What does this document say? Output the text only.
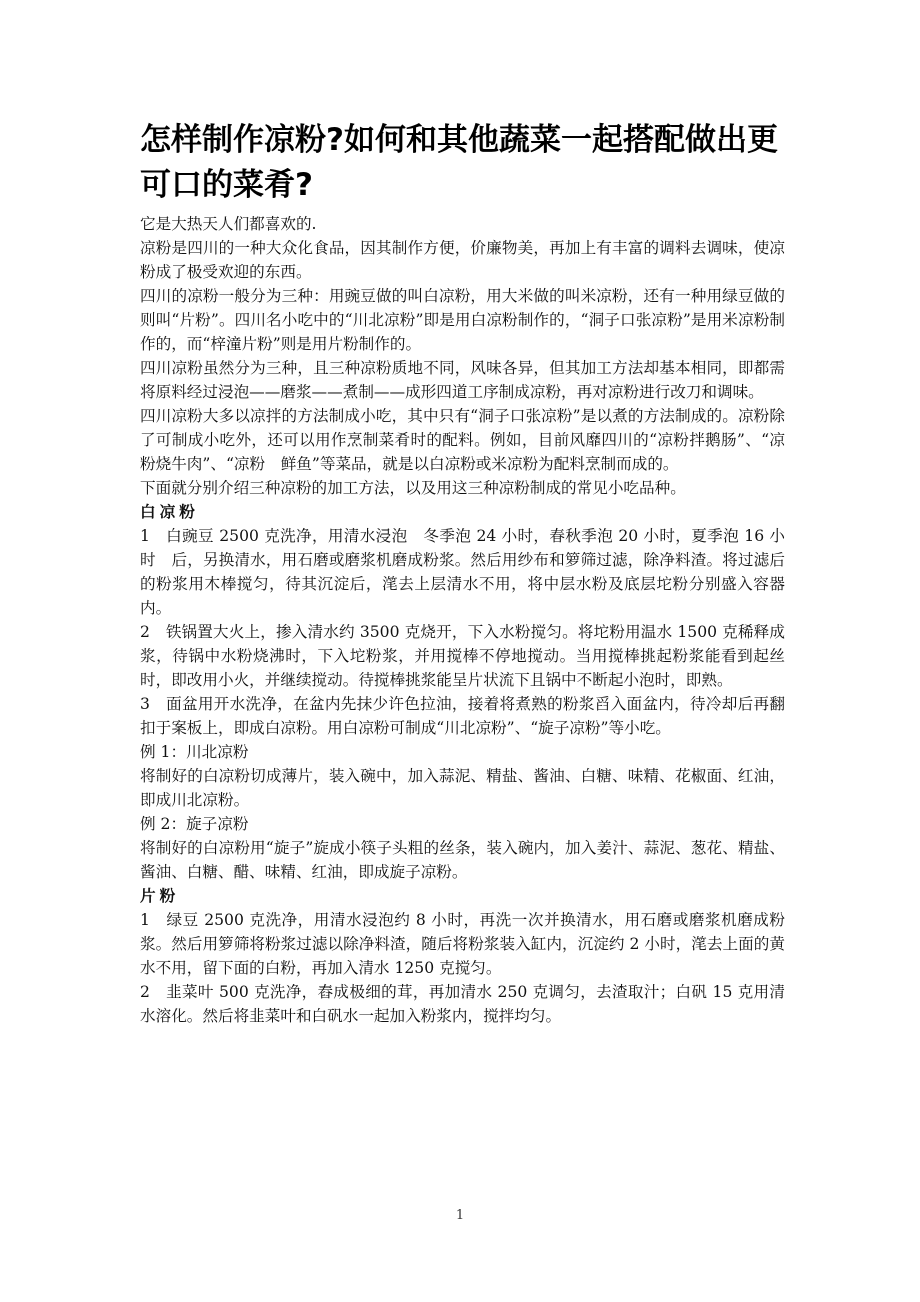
怎样制作凉粉?如何和其他蔬菜一起搭配做出更可口的菜肴?

它是大热天人们都喜欢的.

凉粉是四川的一种大众化食品，因其制作方便，价廉物美，再加上有丰富的调料去调味，使凉粉成了极受欢迎的东西。

四川的凉粉一般分为三种：用豌豆做的叫白凉粉，用大米做的叫米凉粉，还有一种用绿豆做的则叫“片粉”。四川名小吃中的“川北凉粉”即是用白凉粉制作的，“洞子口张凉粉”是用米凉粉制作的，而“梓潼片粉”则是用片粉制作的。

四川凉粉虽然分为三种，且三种凉粉质地不同，风味各异，但其加工方法却基本相同，即都需将原料经过浸泡——磨浆——煮制——成形四道工序制成凉粉，再对凉粉进行改刀和调味。

四川凉粉大多以凉拌的方法制成小吃，其中只有“洞子口张凉粉”是以煮的方法制成的。凉粉除了可制成小吃外，还可以用作烹制菜肴时的配料。例如，目前风靡四川的“凉粉拌鹅肠”、“凉粉烧牛肉”、“凉粉　鲜鱼”等菜品，就是以白凉粉或米凉粉为配料烹制而成的。

下面就分别介绍三种凉粉的加工方法，以及用这三种凉粉制成的常见小吃品种。

白凉粉

1　白豌豆 2500 克洗净，用清水浸泡　冬季泡 24 小时，春秋季泡 20 小时，夏季泡 16 小时　后，另换清水，用石磨或磨浆机磨成粉浆。然后用纱布和箩筛过滤，除净料渣。将过滤后的粉浆用木棒搅匀，待其沉淀后，滗去上层清水不用，将中层水粉及底层坨粉分别盛入容器内。

2　铁锅置大火上，掺入清水约 3500 克烧开，下入水粉搅匀。将坨粉用温水 1500 克稀释成浆，待锅中水粉烧沸时，下入坨粉浆，并用搅棒不停地搅动。当用搅棒挑起粉浆能看到起丝时，即改用小火，并继续搅动。待搅棒挑浆能呈片状流下且锅中不断起小泡时，即熟。

3　面盆用开水洗净，在盆内先抹少许色拉油，接着将煮熟的粉浆舀入面盆内，待冷却后再翻扣于案板上，即成白凉粉。用白凉粉可制成“川北凉粉”、“旋子凉粉”等小吃。

例 1：川北凉粉

将制好的白凉粉切成薄片，装入碗中，加入蒜泥、精盐、酱油、白糖、味精、花椒面、红油，即成川北凉粉。

例 2：旋子凉粉

将制好的白凉粉用“旋子”旋成小筷子头粗的丝条，装入碗内，加入姜汁、蒜泥、葱花、精盐、酱油、白糖、醋、味精、红油，即成旋子凉粉。

片粉

1　绿豆 2500 克洗净，用清水浸泡约 8 小时，再洗一次并换清水，用石磨或磨浆机磨成粉浆。然后用箩筛将粉浆过滤以除净料渣，随后将粉浆装入缸内，沉淀约 2 小时，滗去上面的黄水不用，留下面的白粉，再加入清水 1250 克搅匀。

2　韭菜叶 500 克洗净，舂成极细的茸，再加清水 250 克调匀，去渣取汁；白矾 15 克用清水溶化。然后将韭菜叶和白矾水一起加入粉浆内，搅拌均匀。

1
